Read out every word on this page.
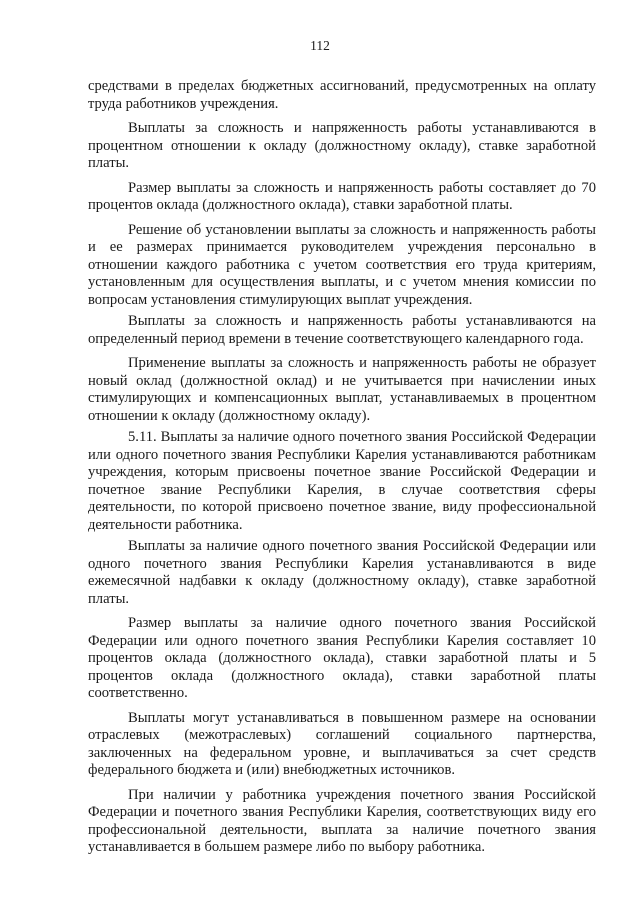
112

средствами в пределах бюджетных ассигнований, предусмотренных на оплату труда работников учреждения.

Выплаты за сложность и напряженность работы устанавливаются в процентном отношении к окладу (должностному окладу), ставке заработной платы.

Размер выплаты за сложность и напряженность работы составляет до 70 процентов оклада (должностного оклада), ставки заработной платы.

Решение об установлении выплаты за сложность и напряженность работы и ее размерах принимается руководителем учреждения персонально в отношении каждого работника с учетом соответствия его труда критериям, установленным для осуществления выплаты, и с учетом мнения комиссии по вопросам установления стимулирующих выплат учреждения.

Выплаты за сложность и напряженность работы устанавливаются на определенный период времени в течение соответствующего календарного года.

Применение выплаты за сложность и напряженность работы не образует новый оклад (должностной оклад) и не учитывается при начислении иных стимулирующих и компенсационных выплат, устанавливаемых в процентном отношении к окладу (должностному окладу).

5.11. Выплаты за наличие одного почетного звания Российской Федерации или одного почетного звания Республики Карелия устанавливаются работникам учреждения, которым присвоены почетное звание Российской Федерации и почетное звание Республики Карелия, в случае соответствия сферы деятельности, по которой присвоено почетное звание, виду профессиональной деятельности работника.

Выплаты за наличие одного почетного звания Российской Федерации или одного почетного звания Республики Карелия устанавливаются в виде ежемесячной надбавки к окладу (должностному окладу), ставке заработной платы.

Размер выплаты за наличие одного почетного звания Российской Федерации или одного почетного звания Республики Карелия составляет 10 процентов оклада (должностного оклада), ставки заработной платы и 5 процентов оклада (должностного оклада), ставки заработной платы соответственно.

Выплаты могут устанавливаться в повышенном размере на основании отраслевых (межотраслевых) соглашений социального партнерства, заключенных на федеральном уровне, и выплачиваться за счет средств федерального бюджета и (или) внебюджетных источников.

При наличии у работника учреждения почетного звания Российской Федерации и почетного звания Республики Карелия, соответствующих виду его профессиональной деятельности, выплата за наличие почетного звания устанавливается в большем размере либо по выбору работника.
